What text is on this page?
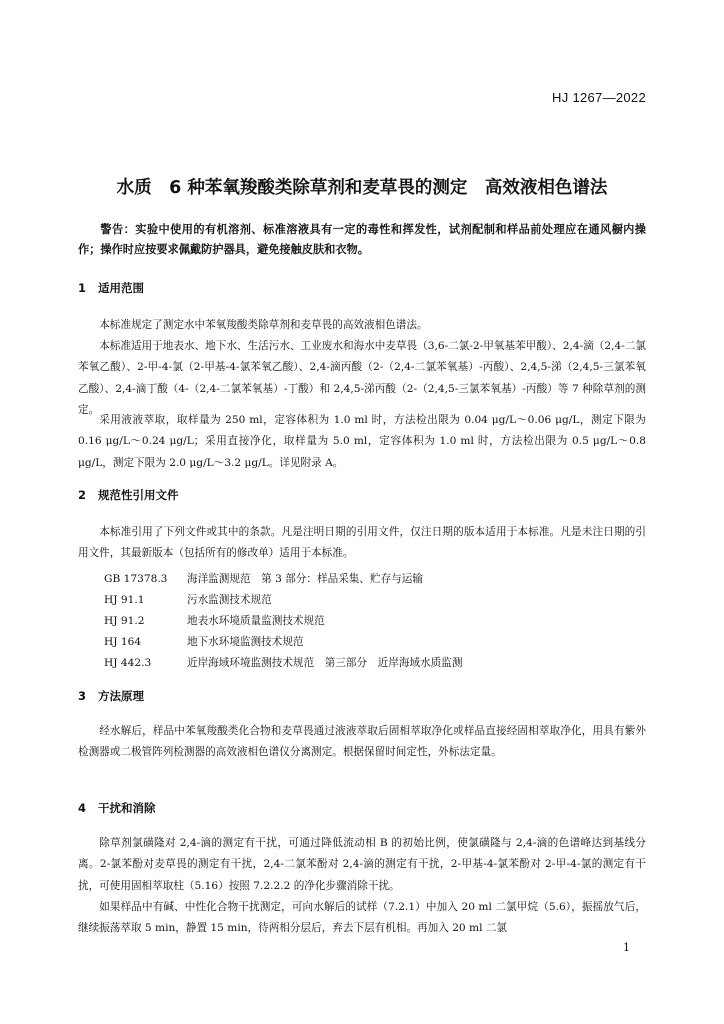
HJ 1267—2022
水质　6 种苯氧羧酸类除草剂和麦草畏的测定　高效液相色谱法
警告：实验中使用的有机溶剂、标准溶液具有一定的毒性和挥发性，试剂配制和样品前处理应在通风橱内操作；操作时应按要求佩戴防护器具，避免接触皮肤和衣物。
1 适用范围
本标准规定了测定水中苯氧羧酸类除草剂和麦草畏的高效液相色谱法。
本标准适用于地表水、地下水、生活污水、工业废水和海水中麦草畏（3,6-二氯-2-甲氧基苯甲酸）、2,4-滴（2,4-二氯苯氧乙酸）、2-甲-4-氯（2-甲基-4-氯苯氧乙酸）、2,4-滴丙酸（2-（2,4-二氯苯氧基）-丙酸）、2,4,5-涕（2,4,5-三氯苯氧乙酸）、2,4-滴丁酸（4-（2,4-二氯苯氧基）-丁酸）和 2,4,5-涕丙酸（2-（2,4,5-三氯苯氧基）-丙酸）等 7 种除草剂的测定。
采用液液萃取，取样量为 250 ml，定容体积为 1.0 ml 时，方法检出限为 0.04 μg/L～0.06 μg/L，测定下限为 0.16 μg/L～0.24 μg/L；采用直接净化，取样量为 5.0 ml，定容体积为 1.0 ml 时，方法检出限为 0.5 μg/L～0.8 μg/L，测定下限为 2.0 μg/L～3.2 μg/L。详见附录 A。
2 规范性引用文件
本标准引用了下列文件或其中的条款。凡是注明日期的引用文件，仅注日期的版本适用于本标准。凡是未注日期的引用文件，其最新版本（包括所有的修改单）适用于本标准。
GB 17378.3 海洋监测规范　第 3 部分：样品采集、贮存与运输
HJ 91.1	污水监测技术规范
HJ 91.2	地表水环境质量监测技术规范
HJ 164	地下水环境监测技术规范
HJ 442.3	近岸海域环境监测技术规范　第三部分　近岸海域水质监测
3 方法原理
经水解后，样品中苯氧羧酸类化合物和麦草畏通过液液萃取后固相萃取净化或样品直接经固相萃取净化，用具有紫外检测器或二极管阵列检测器的高效液相色谱仪分离测定。根据保留时间定性，外标法定量。
4 干扰和消除
除草剂氯磺隆对 2,4-滴的测定有干扰，可通过降低流动相 B 的初始比例，使氯磺隆与 2,4-滴的色谱峰达到基线分离。2-氯苯酚对麦草畏的测定有干扰，2,4-二氯苯酚对 2,4-滴的测定有干扰，2-甲基-4-氯苯酚对 2-甲-4-氯的测定有干扰，可使用固相萃取柱（5.16）按照 7.2.2.2 的净化步骤消除干扰。
如果样品中有碱、中性化合物干扰测定，可向水解后的试样（7.2.1）中加入 20 ml 二氯甲烷（5.6），振摇放气后，继续振荡萃取 5 min，静置 15 min，待两相分层后，弃去下层有机相。再加入 20 ml 二氯
1
